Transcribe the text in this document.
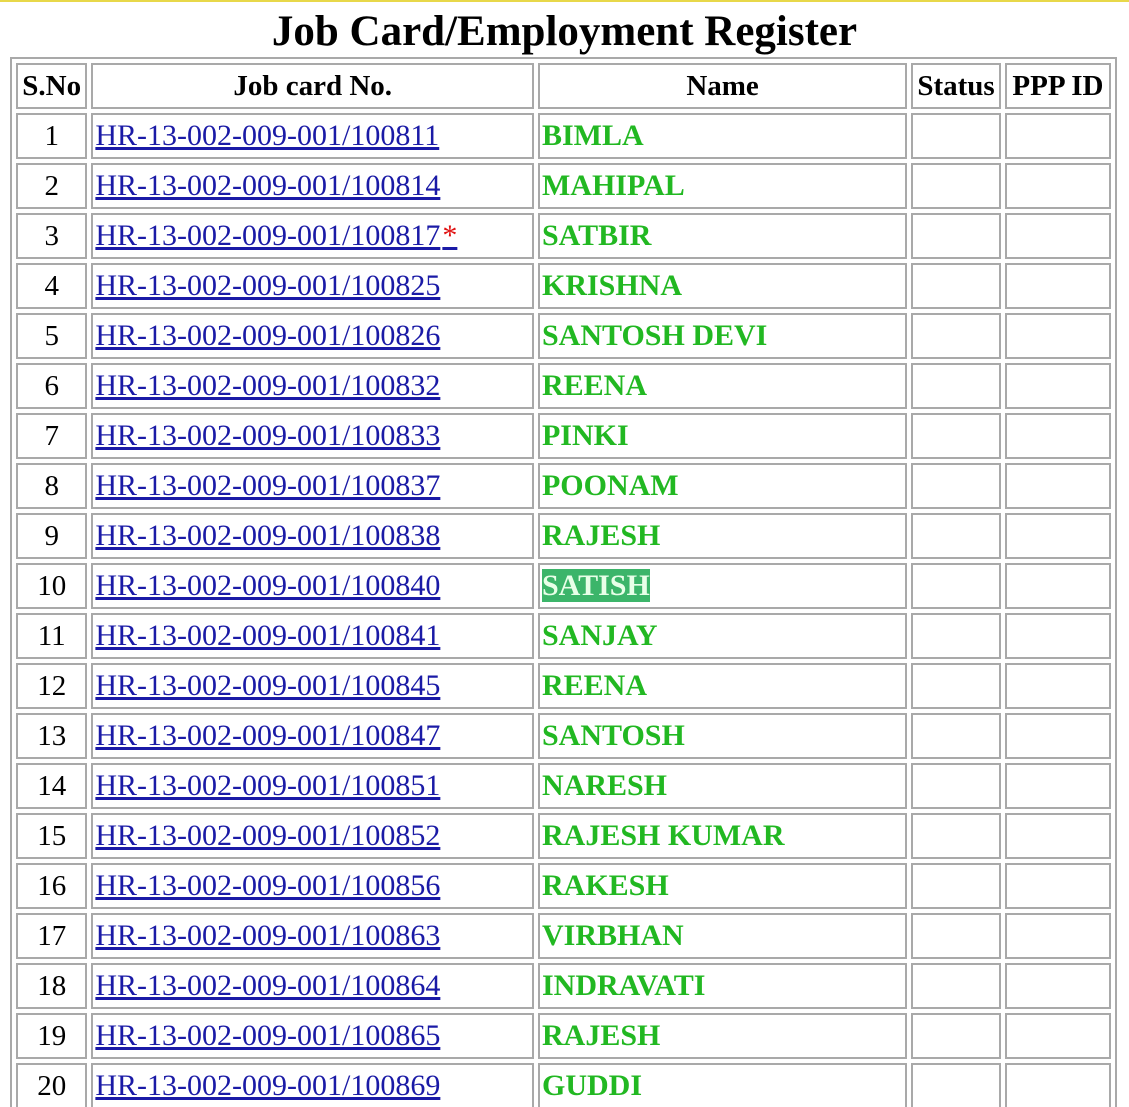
Job Card/Employment Register
S.No	Job card No.	Name	Status	PPP ID
1	HR-13-002-009-001/100811	BIMLA		
2	HR-13-002-009-001/100814	MAHIPAL		
3	HR-13-002-009-001/100817*	SATBIR		
4	HR-13-002-009-001/100825	KRISHNA		
5	HR-13-002-009-001/100826	SANTOSH DEVI		
6	HR-13-002-009-001/100832	REENA		
7	HR-13-002-009-001/100833	PINKI		
8	HR-13-002-009-001/100837	POONAM		
9	HR-13-002-009-001/100838	RAJESH		
10	HR-13-002-009-001/100840	SATISH		
11	HR-13-002-009-001/100841	SANJAY		
12	HR-13-002-009-001/100845	REENA		
13	HR-13-002-009-001/100847	SANTOSH		
14	HR-13-002-009-001/100851	NARESH		
15	HR-13-002-009-001/100852	RAJESH KUMAR		
16	HR-13-002-009-001/100856	RAKESH		
17	HR-13-002-009-001/100863	VIRBHAN		
18	HR-13-002-009-001/100864	INDRAVATI		
19	HR-13-002-009-001/100865	RAJESH		
20	HR-13-002-009-001/100869	GUDDI		
